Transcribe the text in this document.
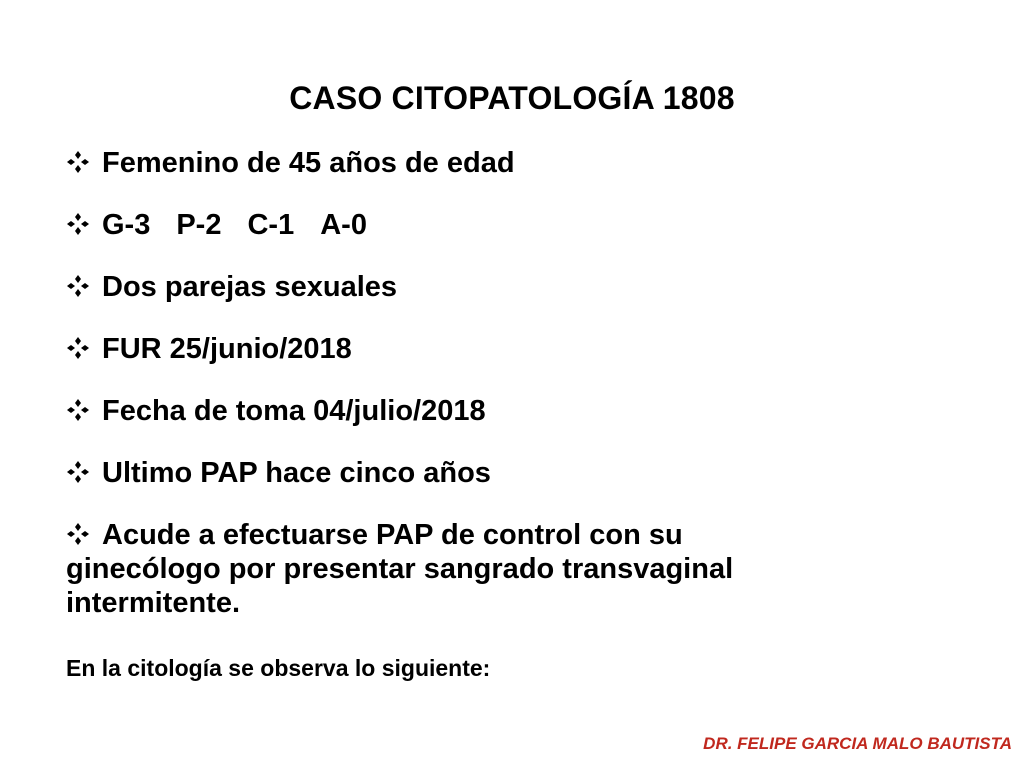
CASO CITOPATOLOGÍA 1808
Femenino de 45 años de edad
G-3 P-2 C-1 A-0
Dos parejas sexuales
FUR 25/junio/2018
Fecha de toma 04/julio/2018
Ultimo PAP hace cinco años
Acude a efectuarse PAP de control con su
ginecólogo por presentar sangrado transvaginal
intermitente.
En la citología se observa lo siguiente:
DR. FELIPE GARCIA MALO BAUTISTA
